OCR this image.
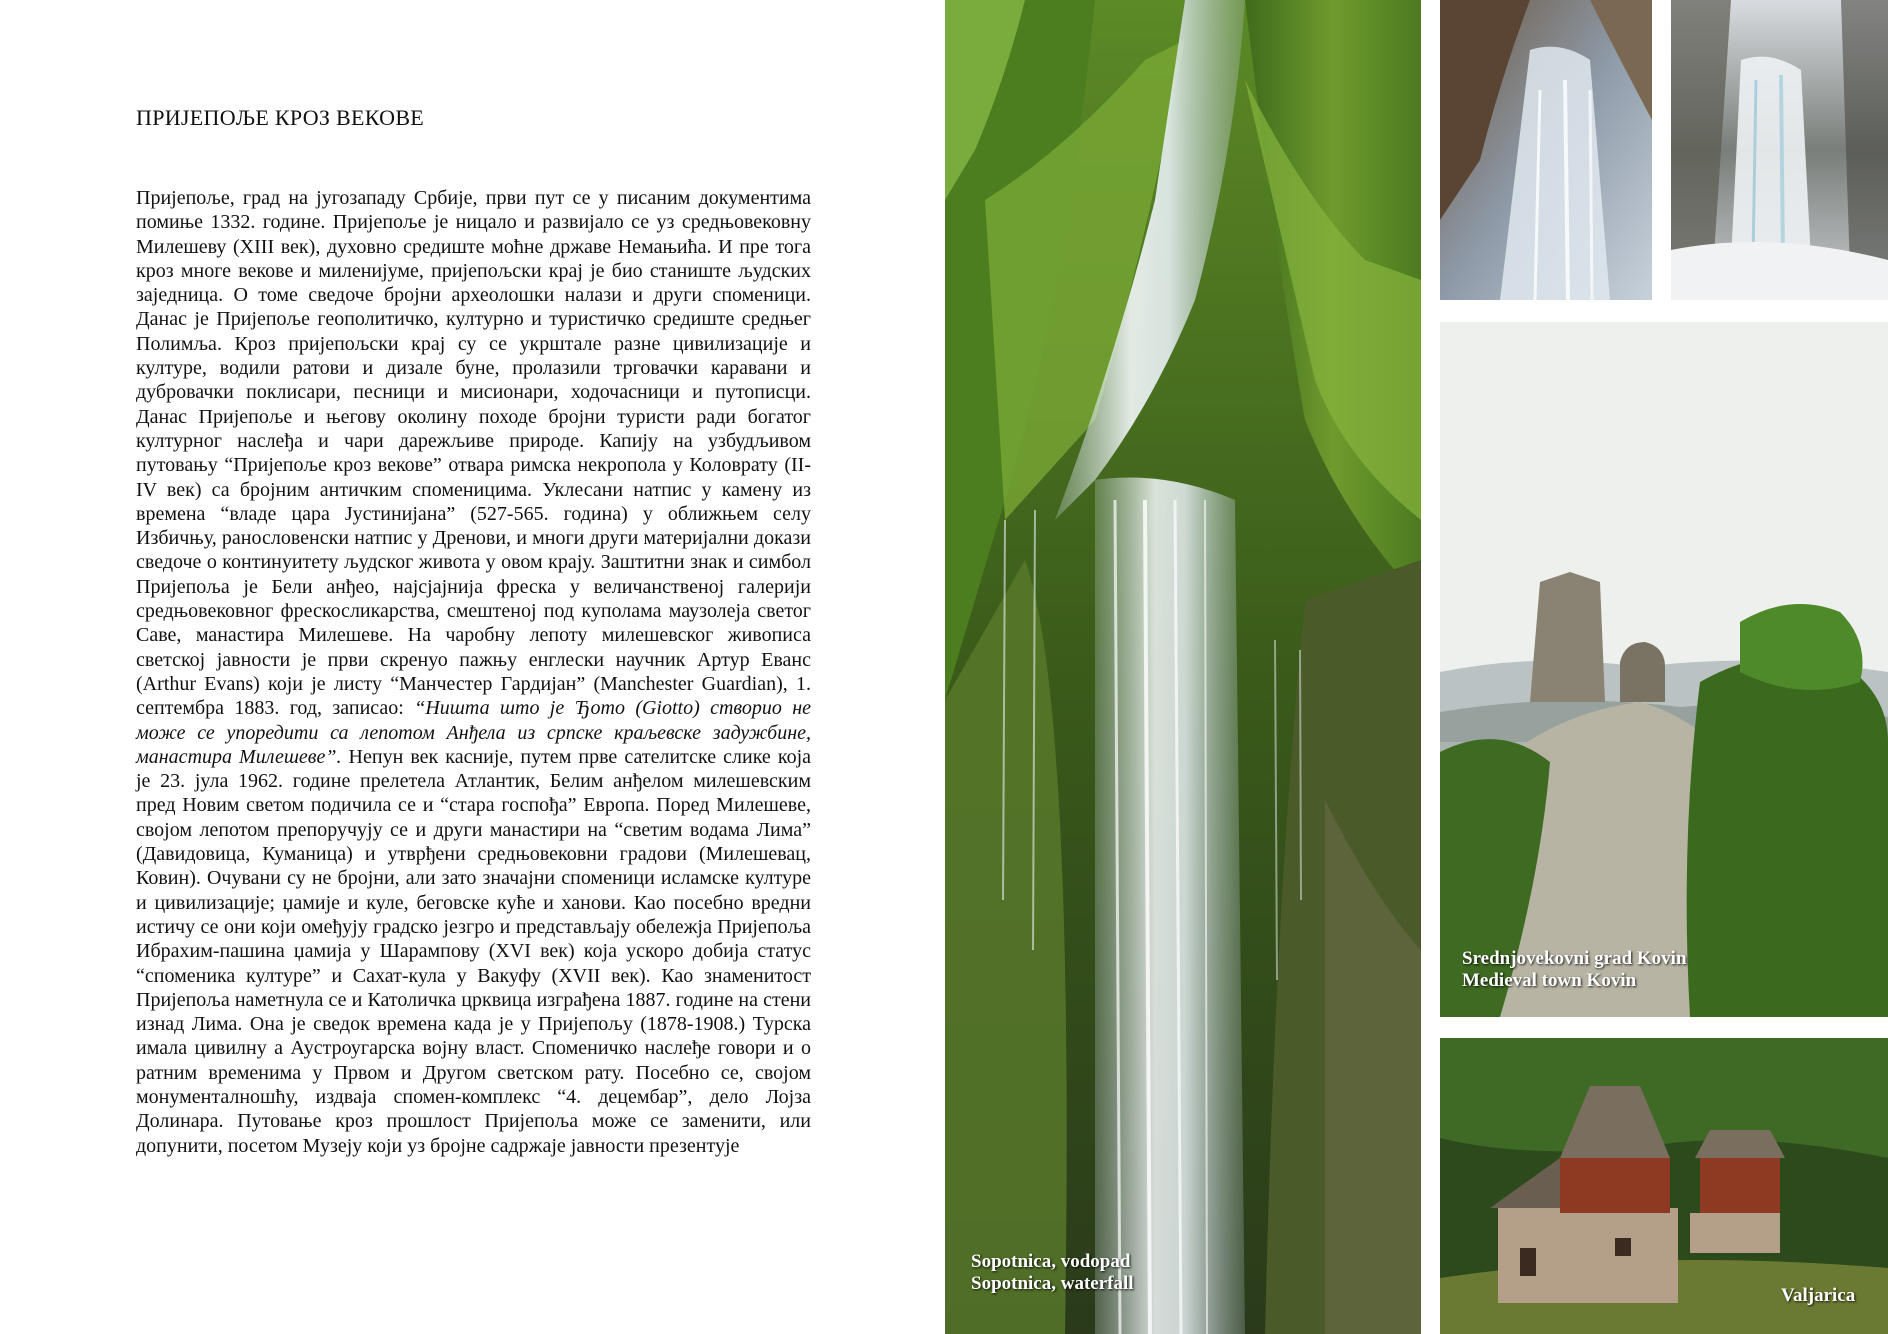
ПРИЈЕПОЉЕ КРОЗ ВЕКОВЕ

Пријепоље, град на југозападу Србије, први пут се у писаним документима помиње 1332. године. Пријепоље је ницало и развијало се уз средњовековну Милешеву (XIII век), духовно средиште моћне државе Немањића. И пре тога кроз многе векове и миленијуме, пријепољски крај је био станиште људских заједница. О томе сведоче бројни археолошки налази и други споменици. Данас је Пријепоље геополитичко, културно и туристичко средиште средњег Полимља. Кроз пријепољски крај су се укрштале разне цивилизације и културе, водили ратови и дизале буне, пролазили трговачки каравани и дубровачки поклисари, песници и мисионари, ходочасници и путописци. Данас Пријепоље и његову околину походе бројни туристи ради богатог културног наслеђа и чари дарежљиве природе. Капију на узбудљивом путовању “Пријепоље кроз векове” отвара римска некропола у Коловрату (II-IV век) са бројним античким споменицима. Уклесани натпис у камену из времена “владе цара Јустинијана” (527-565. година) у оближњем селу Избичњу, ранословенски натпис у Дренови, и многи други материјални докази сведоче о континуитету људског живота у овом крају. Заштитни знак и симбол Пријепоља је Бели анђео, најсјајнија фреска у величанственој галерији средњовековног фрескосликарства, смештеној под куполама маузолеја светог Саве, манастира Милешеве. На чаробну лепоту милешевског живописа светској јавности је први скренуо пажњу енглески научник Артур Еванс (Arthur Evans) који је листу “Манчестер Гардијан” (Manchester Guardian), 1. септембра 1883. год, записао: “Ништа што је Ђото (Giotto) створио не може се упоредити са лепотом Анђела из српске краљевске задужбине, манастира Милешеве”. Непун век касније, путем прве сателитске слике која је 23. јула 1962. године прелетела Атлантик, Белим анђелом милешевским пред Новим светом подичила се и “стара госпођа” Европа. Поред Милешеве, својом лепотом препоручују се и други манастири на “светим водама Лима” (Давидовица, Куманица) и утврђени средњовековни градови (Милешевац, Ковин). Очувани су не бројни, али зато значајни споменици исламске културе и цивилизације; џамије и куле, беговске куће и ханови. Као посебно вредни истичу се они који омеђују градско језгро и представљају обележја Пријепоља Ибрахим-пашина џамија у Шарампову (XVI век) која ускоро добија статус “споменика културе” и Сахат-кула у Вакуфу (XVII век). Као знаменитост Пријепоља наметнула се и Католичка црквица изграђена 1887. године на стени изнад Лима. Она је сведок времена када је у Пријепољу (1878-1908.) Турска имала цивилну а Аустроугарска војну власт. Споменичко наслеђе говори и о ратним временима у Првом и Другом светском рату. Посебно се, својом монументалношћу, издваја спомен-комплекс “4. децембар”, дело Лојза Долинара. Путовање кроз прошлост Пријепоља може се заменити, или допунити, посетом Музеју који уз бројне садржаје јавности презентује

Sopotnica, vodopad
Sopotnica, waterfall
Srednjovekovni grad Kovin
Medieval town Kovin
Valjarica
